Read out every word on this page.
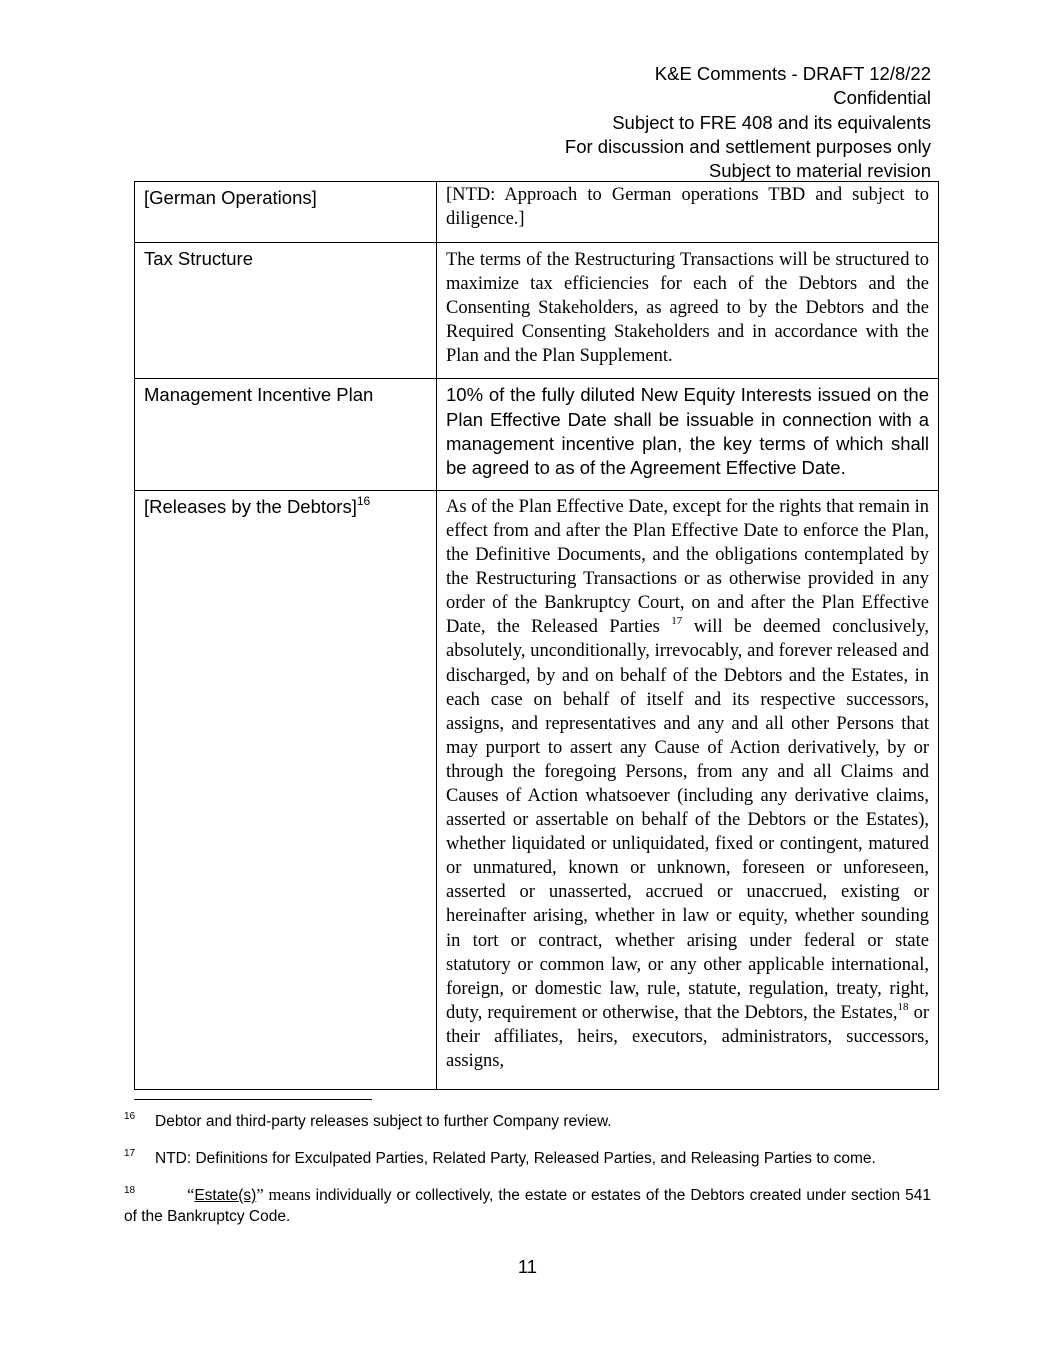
K&E Comments - DRAFT 12/8/22
Confidential
Subject to FRE 408 and its equivalents
For discussion and settlement purposes only
Subject to material revision
[German Operations]	[NTD: Approach to German operations TBD and subject to diligence.]
Tax Structure	The terms of the Restructuring Transactions will be structured to maximize tax efficiencies for each of the Debtors and the Consenting Stakeholders, as agreed to by the Debtors and the Required Consenting Stakeholders and in accordance with the Plan and the Plan Supplement.
Management Incentive Plan	10% of the fully diluted New Equity Interests issued on the Plan Effective Date shall be issuable in connection with a management incentive plan, the key terms of which shall be agreed to as of the Agreement Effective Date.
[Releases by the Debtors]$^{16}$	As of the Plan Effective Date, except for the rights that remain in effect from and after the Plan Effective Date to enforce the Plan, the Definitive Documents, and the obligations contemplated by the Restructuring Transactions or as otherwise provided in any order of the Bankruptcy Court, on and after the Plan Effective Date, the Released Parties $^{17}$ will be deemed conclusively, absolutely, unconditionally, irrevocably, and forever released and discharged, by and on behalf of the Debtors and the Estates, in each case on behalf of itself and its respective successors, assigns, and representatives and any and all other Persons that may purport to assert any Cause of Action derivatively, by or through the foregoing Persons, from any and all Claims and Causes of Action whatsoever (including any derivative claims, asserted or assertable on behalf of the Debtors or the Estates), whether liquidated or unliquidated, fixed or contingent, matured or unmatured, known or unknown, foreseen or unforeseen, asserted or unasserted, accrued or unaccrued, existing or hereinafter arising, whether in law or equity, whether sounding in tort or contract, whether arising under federal or state statutory or common law, or any other applicable international, foreign, or domestic law, rule, statute, regulation, treaty, right, duty, requirement or otherwise, that the Debtors, the Estates,$^{18}$ or their affiliates, heirs, executors, administrators, successors, assigns,
16 Debtor and third-party releases subject to further Company review.
17 NTD: Definitions for Exculpated Parties, Related Party, Released Parties, and Releasing Parties to come.
18	“Estate(s)” means individually or collectively, the estate or estates of the Debtors created under section 541 of the Bankruptcy Code.
11
